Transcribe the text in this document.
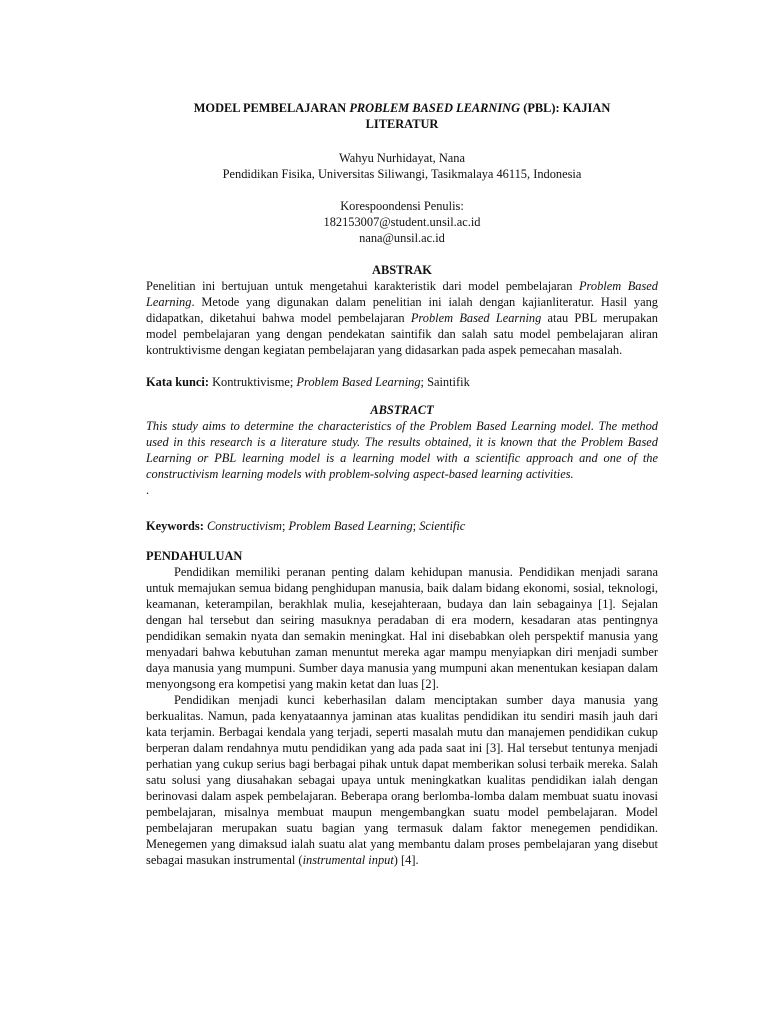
MODEL PEMBELAJARAN PROBLEM BASED LEARNING (PBL): KAJIAN
LITERATUR
Wahyu Nurhidayat, Nana
Pendidikan Fisika, Universitas Siliwangi, Tasikmalaya 46115, Indonesia
Korespoondensi Penulis:
182153007@student.unsil.ac.id
nana@unsil.ac.id
ABSTRAK

Penelitian ini bertujuan untuk mengetahui karakteristik dari model pembelajaran Problem Based Learning. Metode yang digunakan dalam penelitian ini ialah dengan kajianliteratur. Hasil yang didapatkan, diketahui bahwa model pembelajaran Problem Based Learning atau PBL merupakan model pembelajaran yang dengan pendekatan saintifik dan salah satu model pembelajaran aliran kontruktivisme dengan kegiatan pembelajaran yang didasarkan pada aspek pemecahan masalah.

Kata kunci: Kontruktivisme; Problem Based Learning; Saintifik

ABSTRACT

This study aims to determine the characteristics of the Problem Based Learning model. The method used in this research is a literature study. The results obtained, it is known that the Problem Based Learning or PBL learning model is a learning model with a scientific approach and one of the constructivism learning models with problem-solving aspect-based learning activities.

.

Keywords: Constructivism; Problem Based Learning; Scientific

PENDAHULUAN

Pendidikan memiliki peranan penting dalam kehidupan manusia. Pendidikan menjadi sarana untuk memajukan semua bidang penghidupan manusia, baik dalam bidang ekonomi, sosial, teknologi, keamanan, keterampilan, berakhlak mulia, kesejahteraan, budaya dan lain sebagainya [1]. Sejalan dengan hal tersebut dan seiring masuknya peradaban di era modern, kesadaran atas pentingnya pendidikan semakin nyata dan semakin meningkat. Hal ini disebabkan oleh perspektif manusia yang menyadari bahwa kebutuhan zaman menuntut mereka agar mampu menyiapkan diri menjadi sumber daya manusia yang mumpuni. Sumber daya manusia yang mumpuni akan menentukan kesiapan dalam menyongsong era kompetisi yang makin ketat dan luas [2].

Pendidikan menjadi kunci keberhasilan dalam menciptakan sumber daya manusia yang berkualitas. Namun, pada kenyataannya jaminan atas kualitas pendidikan itu sendiri masih jauh dari kata terjamin. Berbagai kendala yang terjadi, seperti masalah mutu dan manajemen pendidikan cukup berperan dalam rendahnya mutu pendidikan yang ada pada saat ini [3]. Hal tersebut tentunya menjadi perhatian yang cukup serius bagi berbagai pihak untuk dapat memberikan solusi terbaik mereka. Salah satu solusi yang diusahakan sebagai upaya untuk meningkatkan kualitas pendidikan ialah dengan berinovasi dalam aspek pembelajaran. Beberapa orang berlomba-lomba dalam membuat suatu inovasi pembelajaran, misalnya membuat maupun mengembangkan suatu model pembelajaran. Model pembelajaran merupakan suatu bagian yang termasuk dalam faktor menegemen pendidikan. Menegemen yang dimaksud ialah suatu alat yang membantu dalam proses pembelajaran yang disebut sebagai masukan instrumental (instrumental input) [4].
